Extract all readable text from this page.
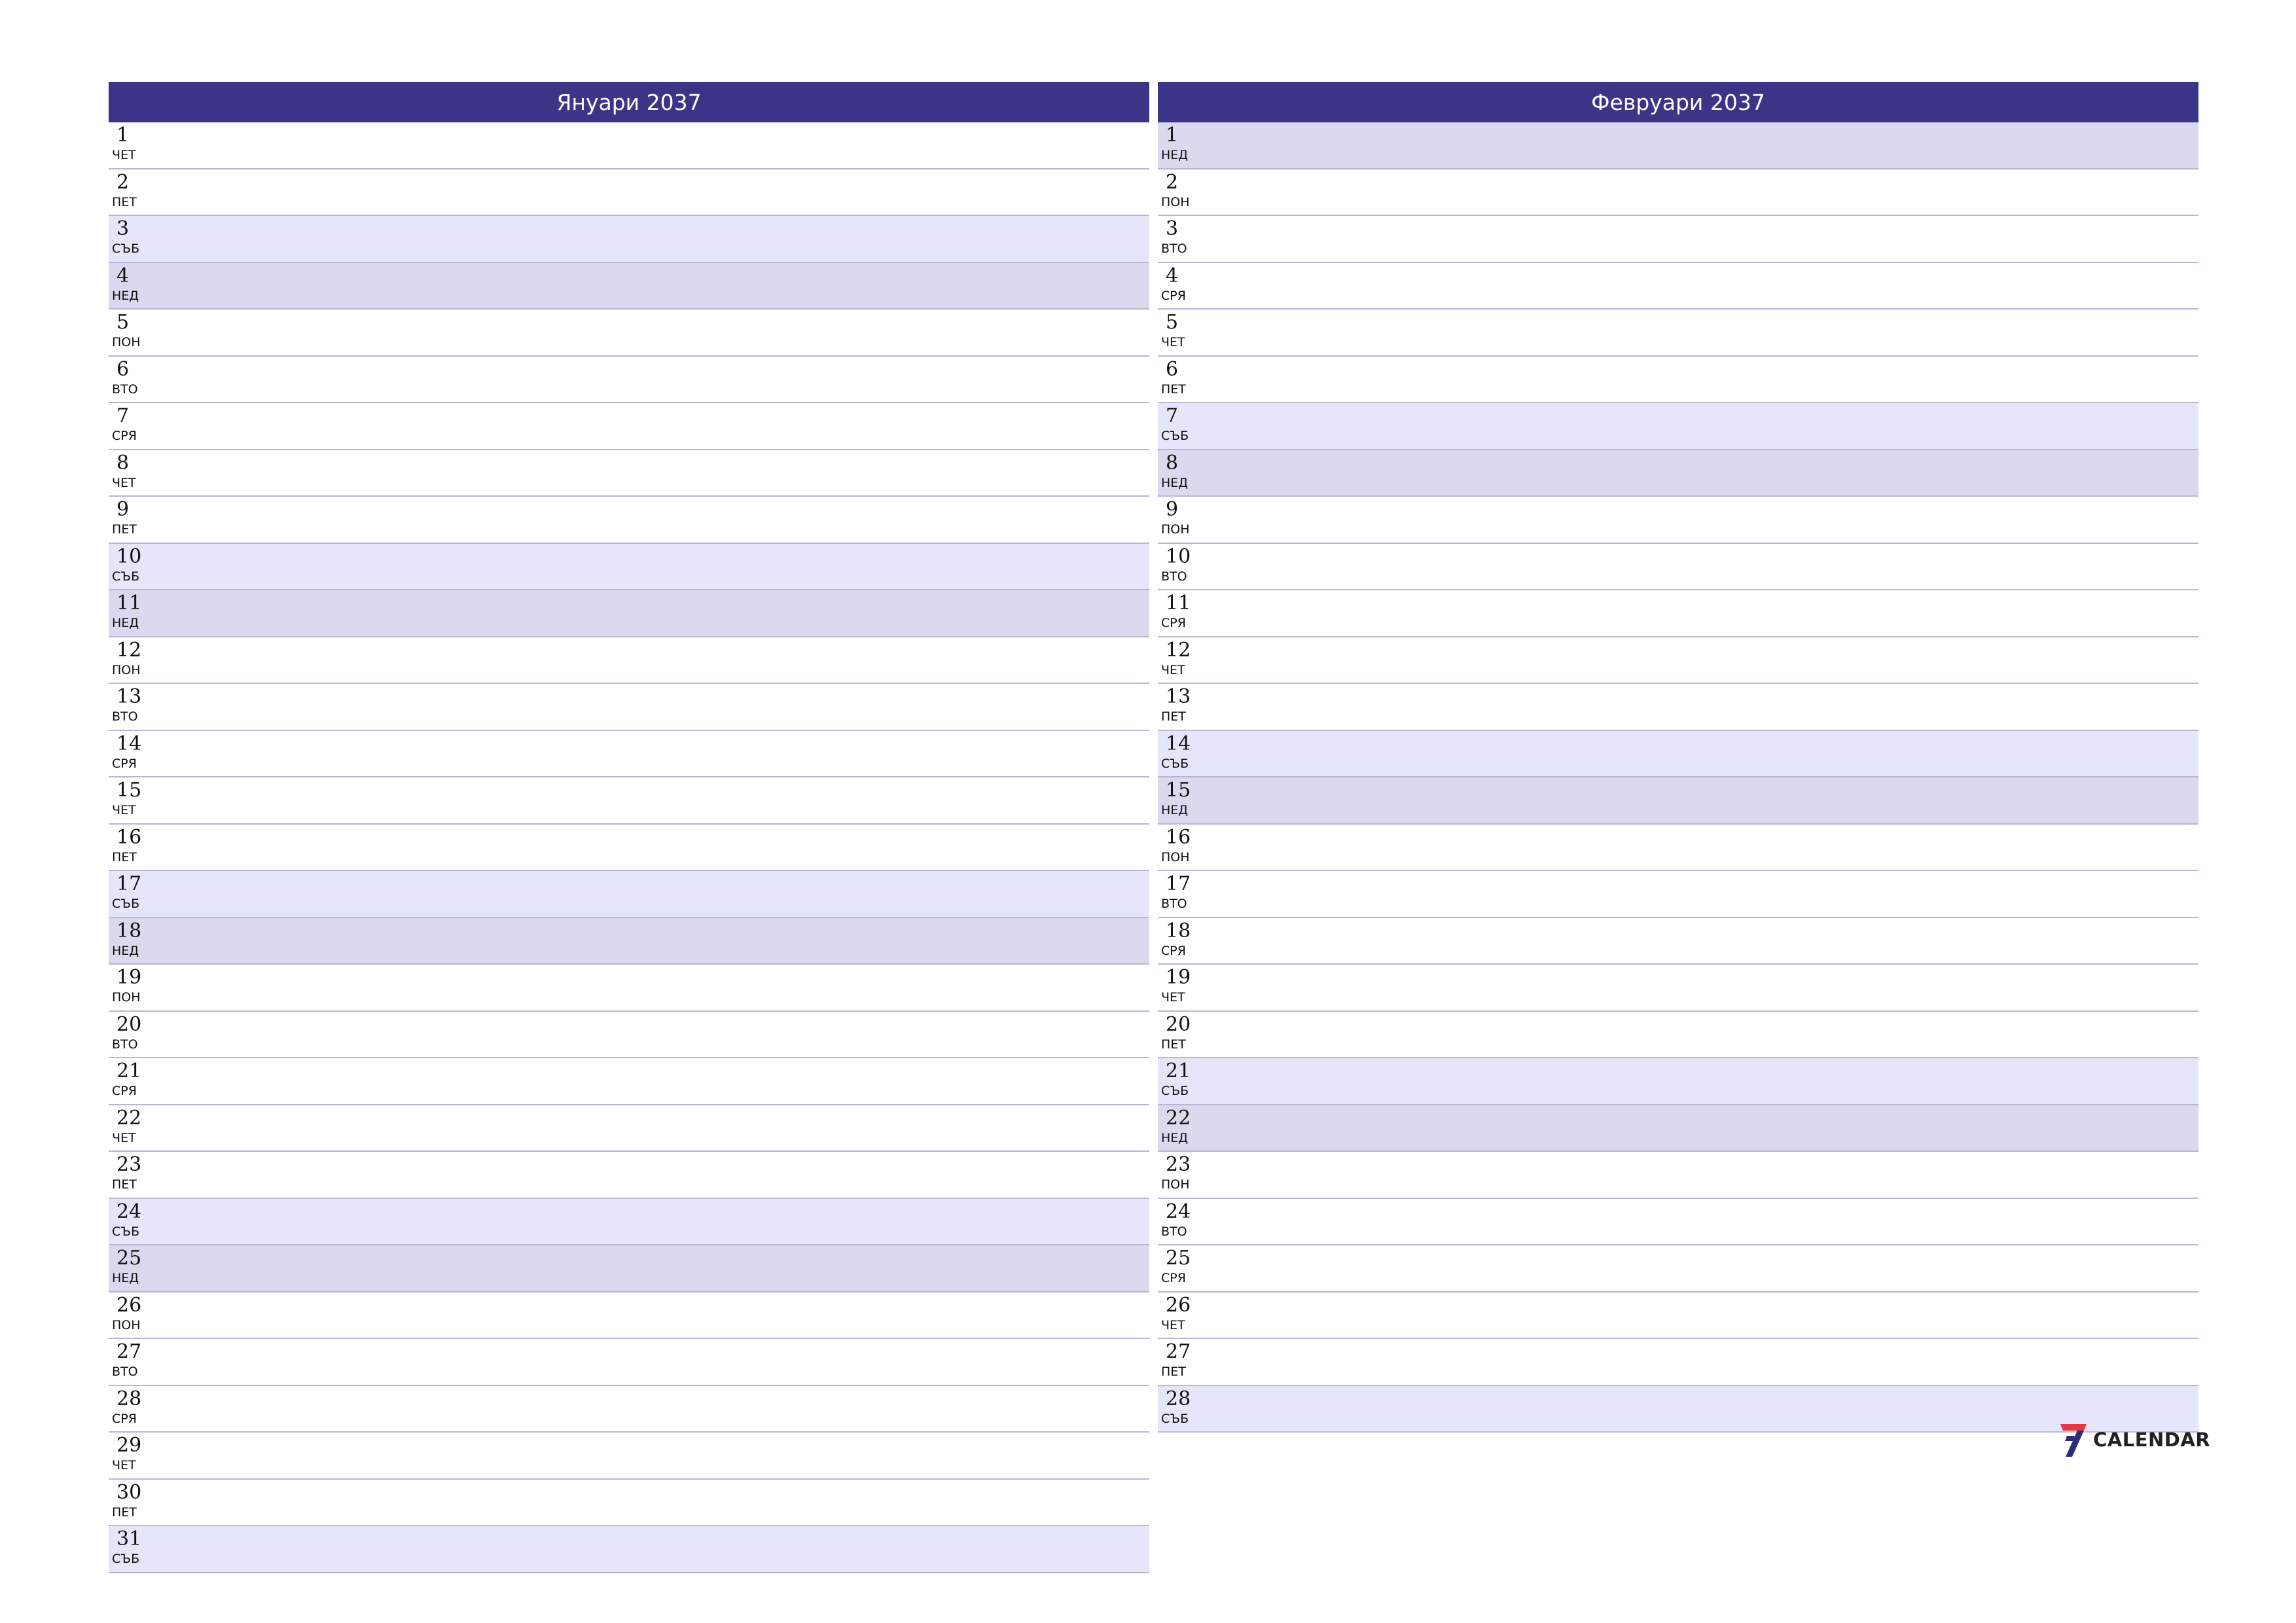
Януари 2037
1
ЧЕТ
2
ПЕТ
3
СЪБ
4
НЕД
5
ПОН
6
ВТО
7
СРЯ
8
ЧЕТ
9
ПЕТ
10
СЪБ
11
НЕД
12
ПОН
13
ВТО
14
СРЯ
15
ЧЕТ
16
ПЕТ
17
СЪБ
18
НЕД
19
ПОН
20
ВТО
21
СРЯ
22
ЧЕТ
23
ПЕТ
24
СЪБ
25
НЕД
26
ПОН
27
ВТО
28
СРЯ
29
ЧЕТ
30
ПЕТ
31
СЪБ
Февруари 2037
1
НЕД
2
ПОН
3
ВТО
4
СРЯ
5
ЧЕТ
6
ПЕТ
7
СЪБ
8
НЕД
9
ПОН
10
ВТО
11
СРЯ
12
ЧЕТ
13
ПЕТ
14
СЪБ
15
НЕД
16
ПОН
17
ВТО
18
СРЯ
19
ЧЕТ
20
ПЕТ
21
СЪБ
22
НЕД
23
ПОН
24
ВТО
25
СРЯ
26
ЧЕТ
27
ПЕТ
28
СЪБ
CALENDAR
